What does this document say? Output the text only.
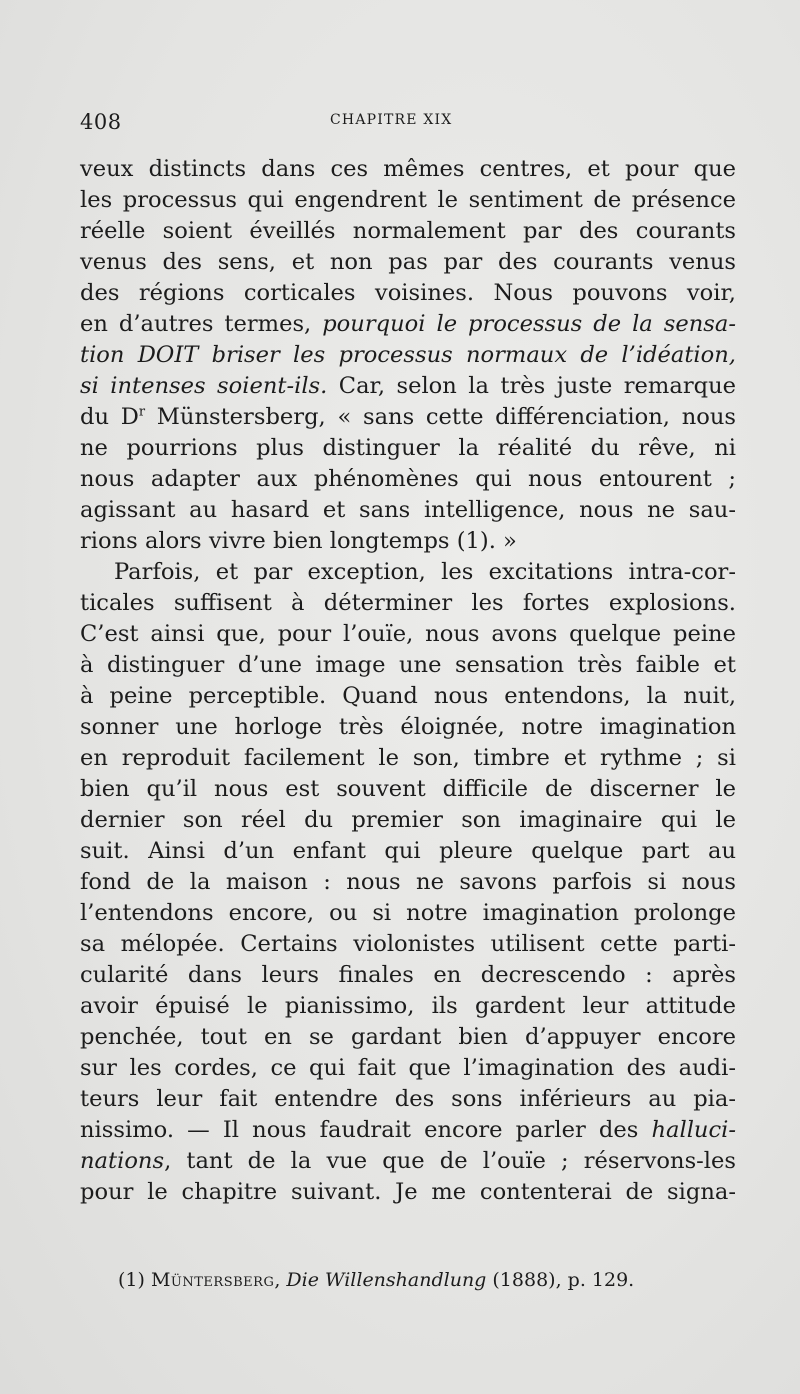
408	CHAPITRE XIX
veux distincts dans ces mêmes centres, et pour que
les processus qui engendrent le sentiment de présence
réelle soient éveillés normalement par des courants
venus des sens, et non pas par des courants venus
des régions corticales voisines. Nous pouvons voir,
en d’autres termes, pourquoi le processus de la sensa-
tion DOIT briser les processus normaux de l’idéation,
si intenses soient-ils. Car, selon la très juste remarque
du $D^r$ Münstersberg, « sans cette différenciation, nous
ne pourrions plus distinguer la réalité du rêve, ni
nous adapter aux phénomènes qui nous entourent ;
agissant au hasard et sans intelligence, nous ne sau-
rions alors vivre bien longtemps (1). »
Parfois, et par exception, les excitations intra-cor-
ticales suffisent à déterminer les fortes explosions.
C’est ainsi que, pour l’ouïe, nous avons quelque peine
à distinguer d’une image une sensation très faible et
à peine perceptible. Quand nous entendons, la nuit,
sonner une horloge très éloignée, notre imagination
en reproduit facilement le son, timbre et rythme ; si
bien qu’il nous est souvent difficile de discerner le
dernier son réel du premier son imaginaire qui le
suit. Ainsi d’un enfant qui pleure quelque part au
fond de la maison : nous ne savons parfois si nous
l’entendons encore, ou si notre imagination prolonge
sa mélopée. Certains violonistes utilisent cette parti-
cularité dans leurs finales en decrescendo : après
avoir épuisé le pianissimo, ils gardent leur attitude
penchée, tout en se gardant bien d’appuyer encore
sur les cordes, ce qui fait que l’imagination des audi-
teurs leur fait entendre des sons inférieurs au pia-
nissimo. — Il nous faudrait encore parler des halluci-
nations, tant de la vue que de l’ouïe ; réservons-les
pour le chapitre suivant. Je me contenterai de signa-
(1) Müntersberg, Die Willenshandlung (1888), p. 129.
